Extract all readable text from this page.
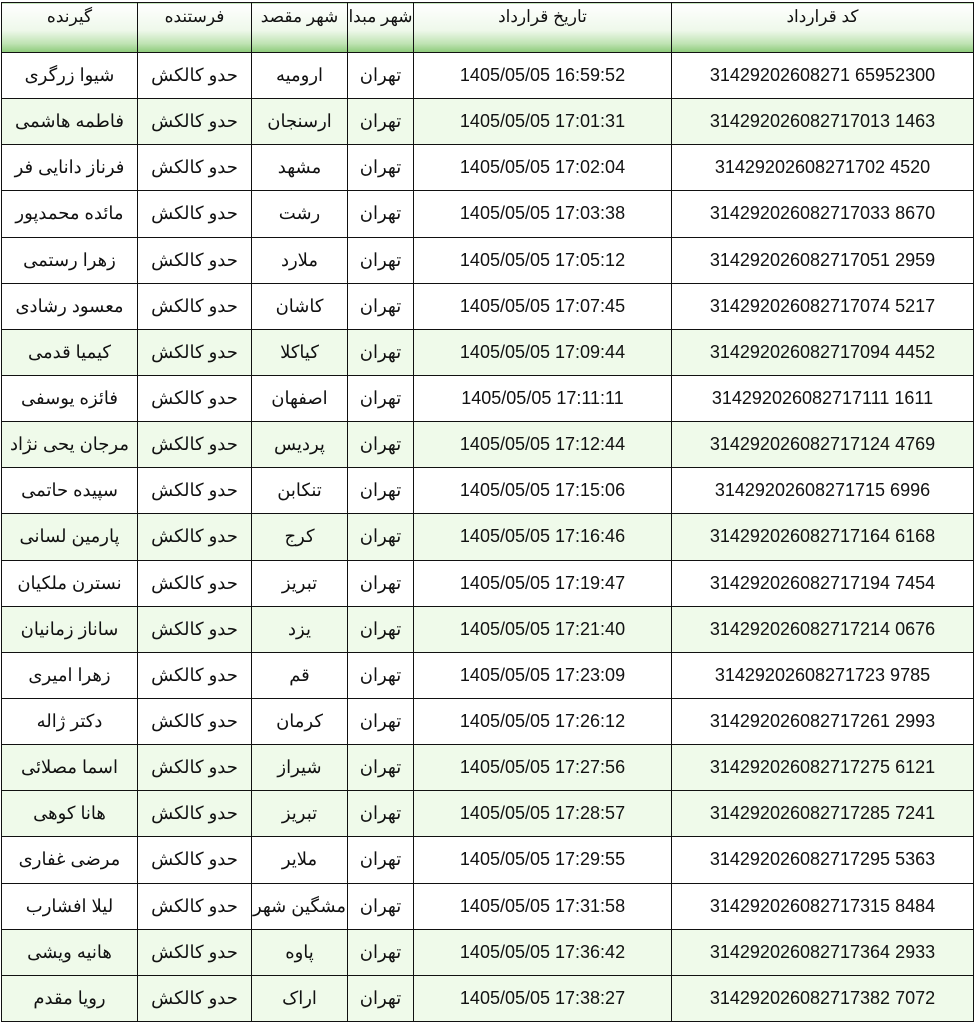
گیرنده	فرستنده	شهر مقصد	شهر مبدا	تاریخ قرارداد	کد قرارداد
شیوا زرگری	حدو کالکش	ارومیه	تهران	1405/05/05 16:59:52	31429202608271 65952300
فاطمه هاشمی	حدو کالکش	ارسنجان	تهران	1405/05/05 17:01:31	314292026082717013 1463
فرناز دانایی فر	حدو کالکش	مشهد	تهران	1405/05/05 17:02:04	31429202608271702 4520
مائده محمدپور	حدو کالکش	رشت	تهران	1405/05/05 17:03:38	314292026082717033 8670
زهرا رستمی	حدو کالکش	ملارد	تهران	1405/05/05 17:05:12	314292026082717051 2959
معسود رشادی	حدو کالکش	کاشان	تهران	1405/05/05 17:07:45	314292026082717074 5217
کیمیا قدمی	حدو کالکش	کیاکلا	تهران	1405/05/05 17:09:44	314292026082717094 4452
فائزه یوسفی	حدو کالکش	اصفهان	تهران	1405/05/05 17:11:11	314292026082717111 1611
مرجان یحی نژاد	حدو کالکش	پردیس	تهران	1405/05/05 17:12:44	314292026082717124 4769
سپیده حاتمی	حدو کالکش	تنکابن	تهران	1405/05/05 17:15:06	31429202608271715 6996
پارمین لسانی	حدو کالکش	کرج	تهران	1405/05/05 17:16:46	314292026082717164 6168
نسترن ملکیان	حدو کالکش	تبریز	تهران	1405/05/05 17:19:47	314292026082717194 7454
ساناز زمانیان	حدو کالکش	یزد	تهران	1405/05/05 17:21:40	314292026082717214 0676
زهرا امیری	حدو کالکش	قم	تهران	1405/05/05 17:23:09	31429202608271723 9785
دکتر ژاله	حدو کالکش	کرمان	تهران	1405/05/05 17:26:12	314292026082717261 2993
اسما مصلائی	حدو کالکش	شیراز	تهران	1405/05/05 17:27:56	314292026082717275 6121
هانا کوهی	حدو کالکش	تبریز	تهران	1405/05/05 17:28:57	314292026082717285 7241
مرضی غفاری	حدو کالکش	ملایر	تهران	1405/05/05 17:29:55	314292026082717295 5363
لیلا افشارب	حدو کالکش	مشگین شهر	تهران	1405/05/05 17:31:58	314292026082717315 8484
هانیه ویشی	حدو کالکش	پاوه	تهران	1405/05/05 17:36:42	314292026082717364 2933
رویا مقدم	حدو کالکش	اراک	تهران	1405/05/05 17:38:27	314292026082717382 7072
